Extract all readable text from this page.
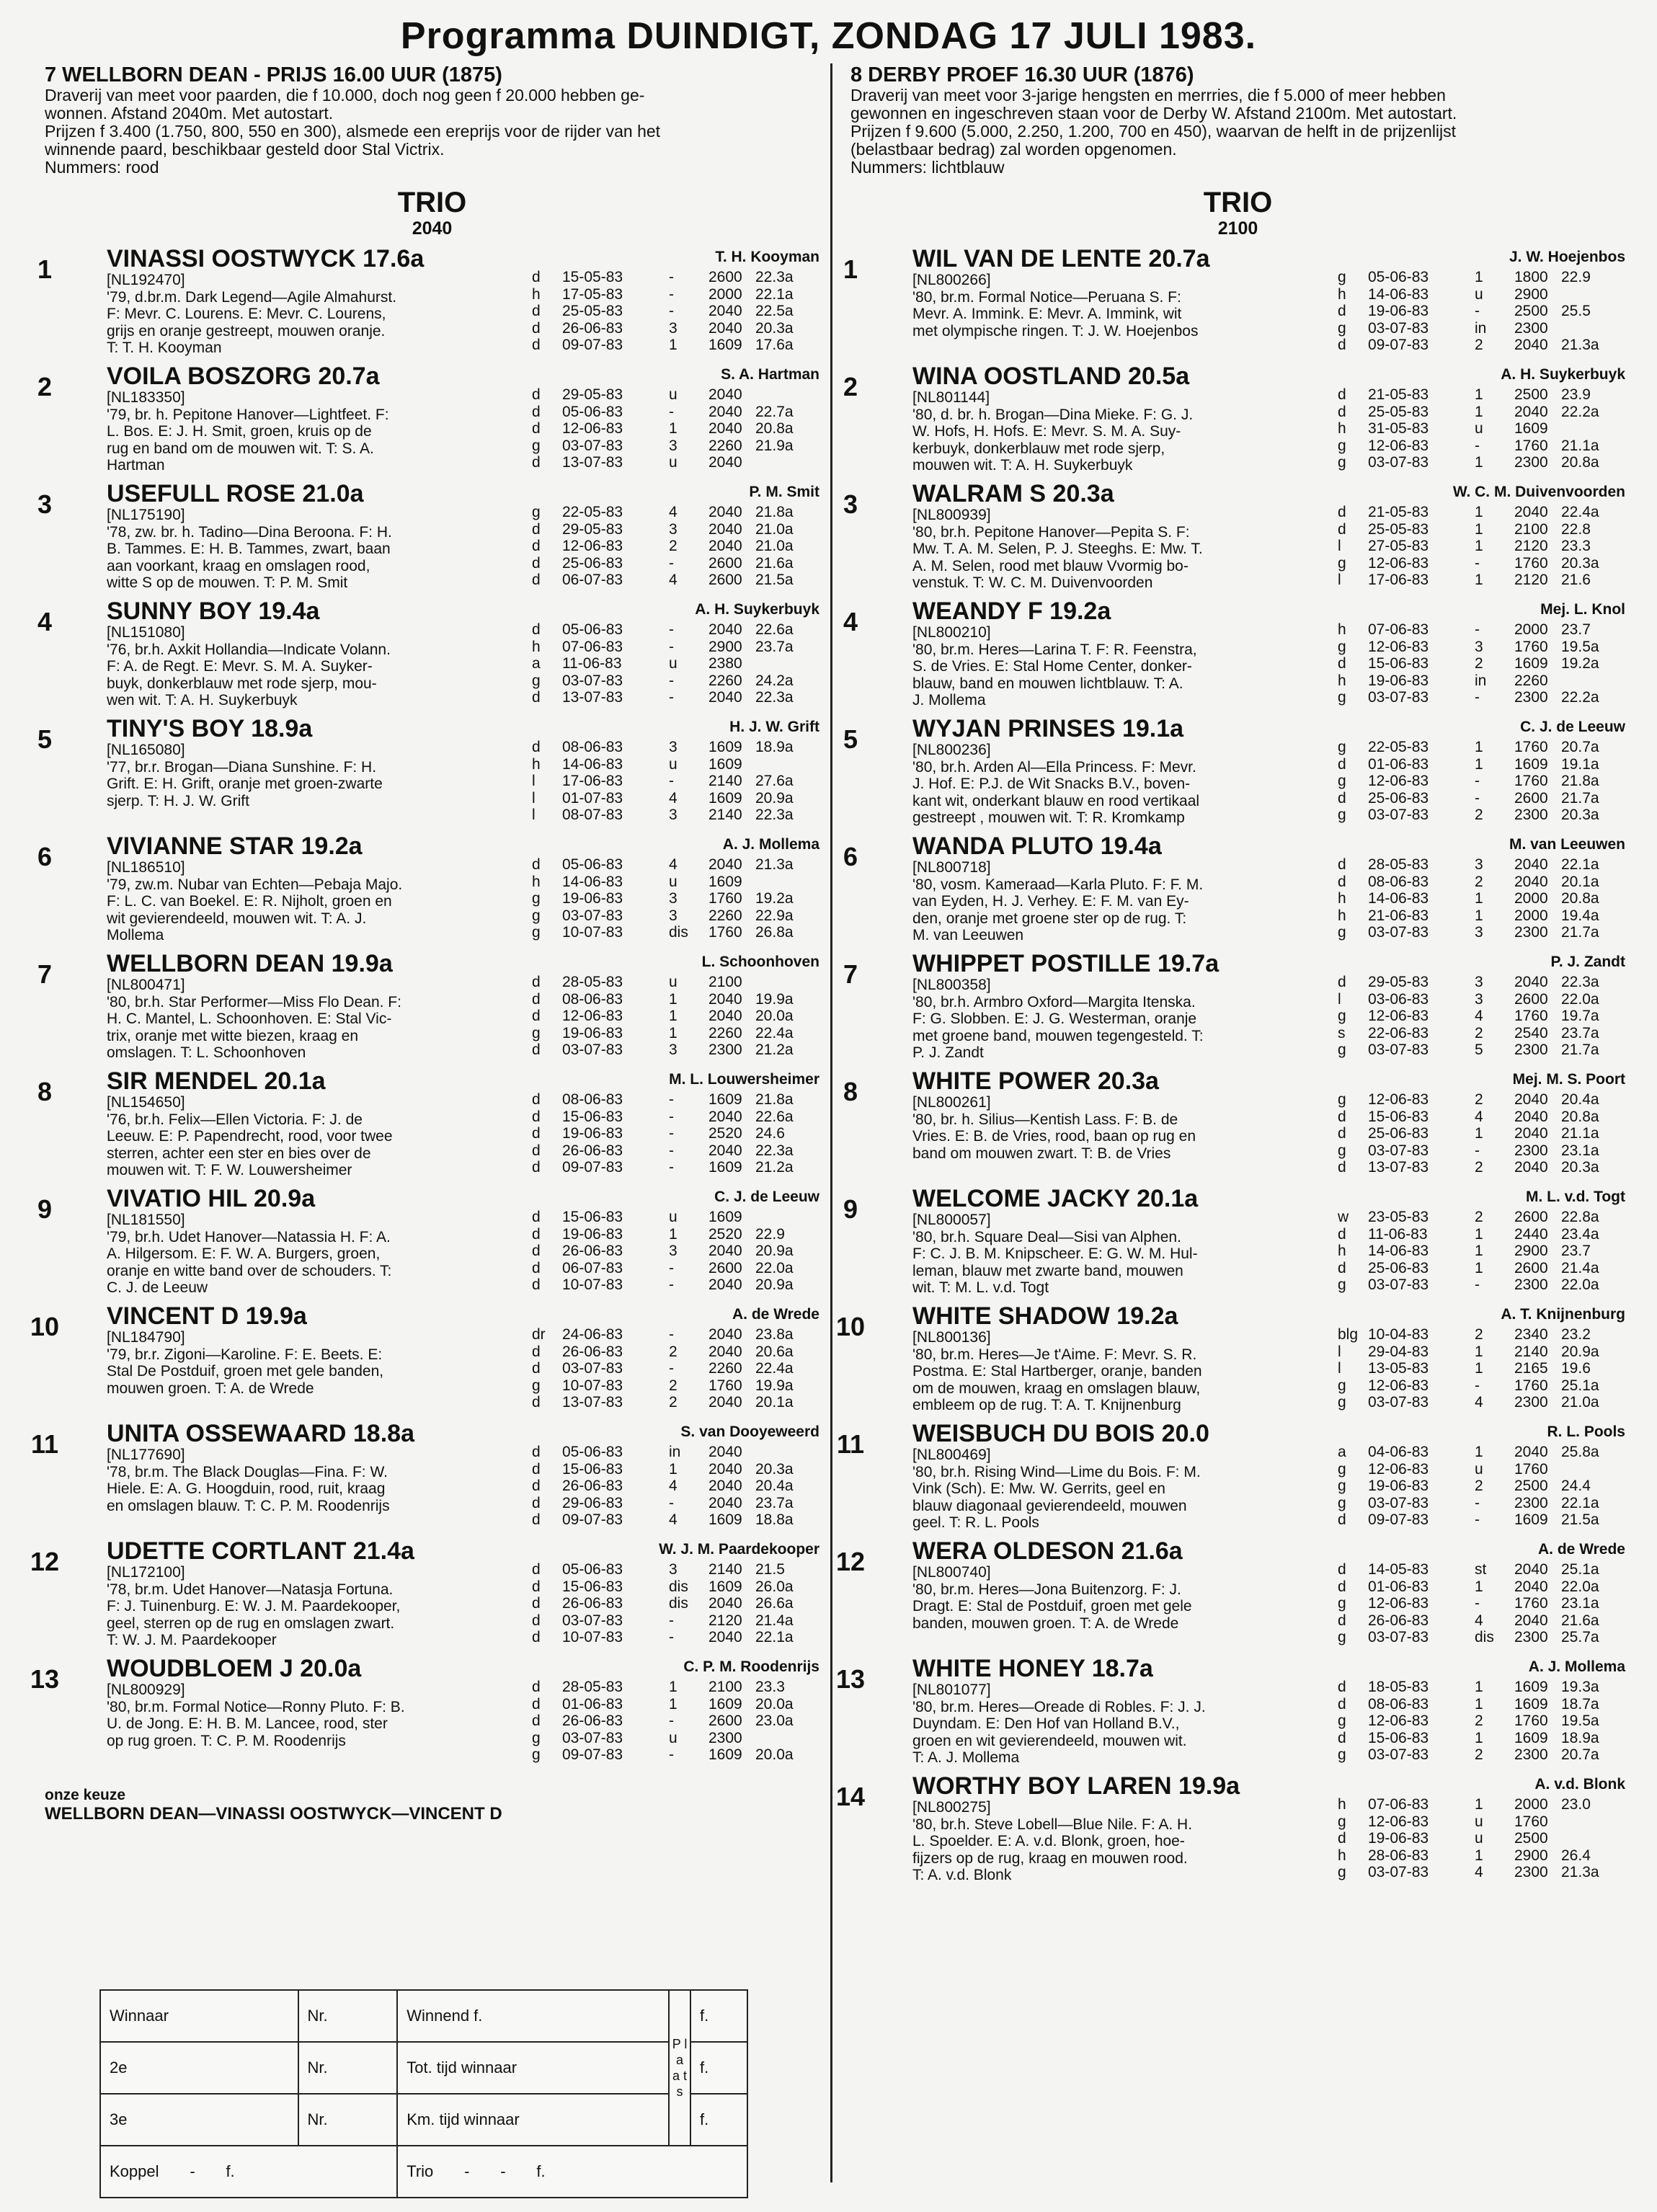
Programma DUINDIGT, ZONDAG 17 JULI 1983.
7 WELLBORN DEAN - PRIJS 16.00 UUR (1875)
Draverij van meet voor paarden, die f 10.000, doch nog geen f 20.000 hebben ge-
wonnen. Afstand 2040m. Met autostart.
Prijzen f 3.400 (1.750, 800, 550 en 300), alsmede een ereprijs voor de rijder van het
winnende paard, beschikbaar gesteld door Stal Victrix.
Nummers: rood
TRIO
2040
1	VINASSI OOSTWYCK 17.6a
[NL192470]
'79, d.br.m. Dark Legend—Agile Almahurst.
F: Mevr. C. Lourens. E: Mevr. C. Lourens,
grijs en oranje gestreept, mouwen oranje.
T: T. H. Kooyman
T. H. Kooyman
d 15-05-83	- 2600 22.3a
h 17-05-83	- 2000 22.1a
d 25-05-83	- 2040 22.5a
d 26-06-83	3 2040 20.3a
d 09-07-83	1 1609 17.6a
2	VOILA BOSZORG 20.7a
[NL183350]
'79, br. h. Pepitone Hanover—Lightfeet. F:
L. Bos. E: J. H. Smit, groen, kruis op de
rug en band om de mouwen wit. T: S. A.
Hartman
S. A. Hartman
d 29-05-83	u 2040
d 05-06-83	- 2040 22.7a
d 12-06-83	1 2040 20.8a
g 03-07-83	3 2260 21.9a
d 13-07-83	u 2040
3	USEFULL ROSE 21.0a
[NL175190]
'78, zw. br. h. Tadino—Dina Beroona. F: H.
B. Tammes. E: H. B. Tammes, zwart, baan
aan voorkant, kraag en omslagen rood,
witte S op de mouwen. T: P. M. Smit
P. M. Smit
g 22-05-83	4 2040 21.8a
d 29-05-83	3 2040 21.0a
d 12-06-83	2 2040 21.0a
d 25-06-83	- 2600 21.6a
d 06-07-83	4 2600 21.5a
4	SUNNY BOY 19.4a
[NL151080]
'76, br.h. Axkit Hollandia—Indicate Volann.
F: A. de Regt. E: Mevr. S. M. A. Suyker-
buyk, donkerblauw met rode sjerp, mou-
wen wit. T: A. H. Suykerbuyk
A. H. Suykerbuyk
d 05-06-83	- 2040 22.6a
h 07-06-83	- 2900 23.7a
a 11-06-83	u 2380
g 03-07-83	- 2260 24.2a
d 13-07-83	- 2040 22.3a
5	TINY'S BOY 18.9a
[NL165080]
'77, br.r. Brogan—Diana Sunshine. F: H.
Grift. E: H. Grift, oranje met groen-zwarte
sjerp. T: H. J. W. Grift
H. J. W. Grift
d 08-06-83	3 1609 18.9a
h 14-06-83	u 1609
l 17-06-83	- 2140 27.6a
l 01-07-83	4 1609 20.9a
l 08-07-83	3 2140 22.3a
6	VIVIANNE STAR 19.2a
[NL186510]
'79, zw.m. Nubar van Echten—Pebaja Majo.
F: L. C. van Boekel. E: R. Nijholt, groen en
wit gevierendeeld, mouwen wit. T: A. J.
Mollema
A. J. Mollema
d 05-06-83	4 2040 21.3a
h 14-06-83	u 1609
g 19-06-83	3 1760 19.2a
g 03-07-83	3 2260 22.9a
g 10-07-83	dis 1760 26.8a
7	WELLBORN DEAN 19.9a
[NL800471]
'80, br.h. Star Performer—Miss Flo Dean. F:
H. C. Mantel, L. Schoonhoven. E: Stal Vic-
trix, oranje met witte biezen, kraag en
omslagen. T: L. Schoonhoven
L. Schoonhoven
d 28-05-83	u 2100
d 08-06-83	1 2040 19.9a
d 12-06-83	1 2040 20.0a
g 19-06-83	1 2260 22.4a
d 03-07-83	3 2300 21.2a
8	SIR MENDEL 20.1a
[NL154650]
'76, br.h. Felix—Ellen Victoria. F: J. de
Leeuw. E: P. Papendrecht, rood, voor twee
sterren, achter een ster en bies over de
mouwen wit. T: F. W. Louwersheimer
M. L. Louwersheimer
d 08-06-83	- 1609 21.8a
d 15-06-83	- 2040 22.6a
d 19-06-83	- 2520 24.6
d 26-06-83	- 2040 22.3a
d 09-07-83	- 1609 21.2a
9	VIVATIO HIL 20.9a
[NL181550]
'79, br.h. Udet Hanover—Natassia H. F: A.
A. Hilgersom. E: F. W. A. Burgers, groen,
oranje en witte band over de schouders. T:
C. J. de Leeuw
C. J. de Leeuw
d 15-06-83	u 1609
d 19-06-83	1 2520 22.9
d 26-06-83	3 2040 20.9a
d 06-07-83	- 2600 22.0a
d 10-07-83	- 2040 20.9a
10 VINCENT D 19.9a
[NL184790]
'79, br.r. Zigoni—Karoline. F: E. Beets. E:
Stal De Postduif, groen met gele banden,
mouwen groen. T: A. de Wrede
A. de Wrede
dr 24-06-83	- 2040 23.8a
d 26-06-83	2 2040 20.6a
d 03-07-83	- 2260 22.4a
g 10-07-83	2 1760 19.9a
d 13-07-83	2 2040 20.1a
11	UNITA OSSEWAARD 18.8a
[NL177690]
'78, br.m. The Black Douglas—Fina. F: W.
Hiele. E: A. G. Hoogduin, rood, ruit, kraag
en omslagen blauw. T: C. P. M. Roodenrijs
S. van Dooyeweerd
d 05-06-83	in 2040
d 15-06-83	1 2040 20.3a
d 26-06-83	4 2040 20.4a
d 29-06-83	- 2040 23.7a
d 09-07-83	4 1609 18.8a
12 UDETTE CORTLANT 21.4a
[NL172100]
'78, br.m. Udet Hanover—Natasja Fortuna.
F: J. Tuinenburg. E: W. J. M. Paardekooper,
geel, sterren op de rug en omslagen zwart.
T: W. J. M. Paardekooper
W. J. M. Paardekooper
d 05-06-83	3 2140 21.5
d 15-06-83	dis 1609 26.0a
d 26-06-83	dis 2040 26.6a
d 03-07-83	- 2120 21.4a
d 10-07-83	- 2040 22.1a
13 WOUDBLOEM J 20.0a
[NL800929]
'80, br.m. Formal Notice—Ronny Pluto. F: B.
U. de Jong. E: H. B. M. Lancee, rood, ster
op rug groen. T: C. P. M. Roodenrijs
C. P. M. Roodenrijs
d 28-05-83	1 2100 23.3
d 01-06-83	1 1609 20.0a
d 26-06-83	- 2600 23.0a
g 03-07-83	u 2300
g 09-07-83	- 1609 20.0a
onze keuze
WELLBORN DEAN—VINASSI OOSTWYCK—VINCENT D
8 DERBY PROEF 16.30 UUR (1876)
Draverij van meet voor 3-jarige hengsten en merrries, die f 5.000 of meer hebben
gewonnen en ingeschreven staan voor de Derby W. Afstand 2100m. Met autostart.
Prijzen f 9.600 (5.000, 2.250, 1.200, 700 en 450), waarvan de helft in de prijzenlijst
(belastbaar bedrag) zal worden opgenomen.
Nummers: lichtblauw
TRIO
2100
1	WIL VAN DE LENTE 20.7a
[NL800266]
'80, br.m. Formal Notice—Peruana S. F:
Mevr. A. Immink. E: Mevr. A. Immink, wit
met olympische ringen. T: J. W. Hoejenbos
J. W. Hoejenbos
g 05-06-83	1 1800 22.9
h 14-06-83	u 2900
d 19-06-83	- 2500 25.5
g 03-07-83	in 2300
d 09-07-83	2 2040 21.3a
2	WINA OOSTLAND 20.5a
[NL801144]
'80, d. br. h. Brogan—Dina Mieke. F: G. J.
W. Hofs, H. Hofs. E: Mevr. S. M. A. Suy-
kerbuyk, donkerblauw met rode sjerp,
mouwen wit. T: A. H. Suykerbuyk
A. H. Suykerbuyk
d 21-05-83	1 2500 23.9
d 25-05-83	1 2040 22.2a
h 31-05-83	u 1609
g 12-06-83	- 1760 21.1a
g 03-07-83	1 2300 20.8a
3	WALRAM S 20.3a
[NL800939]
'80, br.h. Pepitone Hanover—Pepita S. F:
Mw. T. A. M. Selen, P. J. Steeghs. E: Mw. T.
A. M. Selen, rood met blauw Vvormig bo-
venstuk. T: W. C. M. Duivenvoorden
W. C. M. Duivenvoorden
d 21-05-83	1 2040 22.4a
d 25-05-83	1 2100 22.8
l 27-05-83	1 2120 23.3
g 12-06-83	- 1760 20.3a
l 17-06-83	1 2120 21.6
4	WEANDY F 19.2a
[NL800210]
'80, br.m. Heres—Larina T. F: R. Feenstra,
S. de Vries. E: Stal Home Center, donker-
blauw, band en mouwen lichtblauw. T: A.
J. Mollema
Mej. L. Knol
h 07-06-83	- 2000 23.7
g 12-06-83	3 1760 19.5a
d 15-06-83	2 1609 19.2a
h 19-06-83	in 2260
g 03-07-83	- 2300 22.2a
5	WYJAN PRINSES 19.1a
[NL800236]
'80, br.h. Arden Al—Ella Princess. F: Mevr.
J. Hof. E: P.J. de Wit Snacks B.V., boven-
kant wit, onderkant blauw en rood vertikaal
gestreept , mouwen wit. T: R. Kromkamp
C. J. de Leeuw
g 22-05-83	1 1760 20.7a
d 01-06-83	1 1609 19.1a
g 12-06-83	- 1760 21.8a
d 25-06-83	- 2600 21.7a
g 03-07-83	2 2300 20.3a
6	WANDA PLUTO 19.4a
[NL800718]
'80, vosm. Kameraad—Karla Pluto. F: F. M.
van Eyden, H. J. Verhey. E: F. M. van Ey-
den, oranje met groene ster op de rug. T:
M. van Leeuwen
M. van Leeuwen
d 28-05-83	3 2040 22.1a
d 08-06-83	2 2040 20.1a
h 14-06-83	1 2000 20.8a
h 21-06-83	1 2000 19.4a
g 03-07-83	3 2300 21.7a
7	WHIPPET POSTILLE 19.7a
[NL800358]
'80, br.h. Armbro Oxford—Margita Itenska.
F: G. Slobben. E: J. G. Westerman, oranje
met groene band, mouwen tegengesteld. T:
P. J. Zandt
P. J. Zandt
d 29-05-83	3 2040 22.3a
l 03-06-83	3 2600 22.0a
g 12-06-83	4 1760 19.7a
s 22-06-83	2 2540 23.7a
g 03-07-83	5 2300 21.7a
8	WHITE POWER 20.3a
[NL800261]
'80, br. h. Silius—Kentish Lass. F: B. de
Vries. E: B. de Vries, rood, baan op rug en
band om mouwen zwart. T: B. de Vries
Mej. M. S. Poort
g 12-06-83	2 2040 20.4a
d 15-06-83	4 2040 20.8a
d 25-06-83	1 2040 21.1a
g 03-07-83	- 2300 23.1a
d 13-07-83	2 2040 20.3a
9	WELCOME JACKY 20.1a
[NL800057]
'80, br.h. Square Deal—Sisi van Alphen.
F: C. J. B. M. Knipscheer. E: G. W. M. Hul-
leman, blauw met zwarte band, mouwen
wit. T: M. L. v.d. Togt
M. L. v.d. Togt
w 23-05-83	2 2600 22.8a
d 11-06-83	1 2440 23.4a
h 14-06-83	1 2900 23.7
d 25-06-83	1 2600 21.4a
g 03-07-83	- 2300 22.0a
10 WHITE SHADOW 19.2a
[NL800136]
'80, br.m. Heres—Je t'Aime. F: Mevr. S. R.
Postma. E: Stal Hartberger, oranje, banden
om de mouwen, kraag en omslagen blauw,
embleem op de rug. T: A. T. Knijnenburg
A. T. Knijnenburg
blg 10-04-83	2 2340 23.2
l 29-04-83	1 2140 20.9a
l 13-05-83	1 2165 19.6
g 12-06-83	- 1760 25.1a
g 03-07-83	4 2300 21.0a
11	WEISBUCH DU BOIS 20.0
[NL800469]
'80, br.h. Rising Wind—Lime du Bois. F: M.
Vink (Sch). E: Mw. W. Gerrits, geel en
blauw diagonaal gevierendeeld, mouwen
geel. T: R. L. Pools
R. L. Pools
a 04-06-83	1 2040 25.8a
g 12-06-83	u 1760
g 19-06-83	2 2500 24.4
g 03-07-83	- 2300 22.1a
d 09-07-83	- 1609 21.5a
12 WERA OLDESON 21.6a
[NL800740]
'80, br.m. Heres—Jona Buitenzorg. F: J.
Dragt. E: Stal de Postduif, groen met gele
banden, mouwen groen. T: A. de Wrede
A. de Wrede
d 14-05-83	st 2040 25.1a
d 01-06-83	1 2040 22.0a
g 12-06-83	- 1760 23.1a
d 26-06-83	4 2040 21.6a
g 03-07-83	dis 2300 25.7a
13 WHITE HONEY 18.7a
[NL801077]
'80, br.m. Heres—Oreade di Robles. F: J. J.
Duyndam. E: Den Hof van Holland B.V.,
groen en wit gevierendeeld, mouwen wit.
T: A. J. Mollema
A. J. Mollema
d 18-05-83	1 1609 19.3a
d 08-06-83	1 1609 18.7a
g 12-06-83	2 1760 19.5a
d 15-06-83	1 1609 18.9a
g 03-07-83	2 2300 20.7a
14 WORTHY BOY LAREN 19.9a
[NL800275]
'80, br.h. Steve Lobell—Blue Nile. F: A. H.
L. Spoelder. E: A. v.d. Blonk, groen, hoe-
fijzers op de rug, kraag en mouwen rood.
T: A. v.d. Blonk
A. v.d. Blonk
h 07-06-83	1 2000 23.0
g 12-06-83	u 1760
d 19-06-83	u 2500
h 28-06-83	1 2900 26.4
g 03-07-83	4 2300 21.3a
Winnaar	Nr.	Winnend f.	P l a a t s	f.
2e	Nr.	Tot. tijd winnaar		f.
3e	Nr.	Km. tijd winnaar		f.
Koppel - f.		Trio - - f.		
